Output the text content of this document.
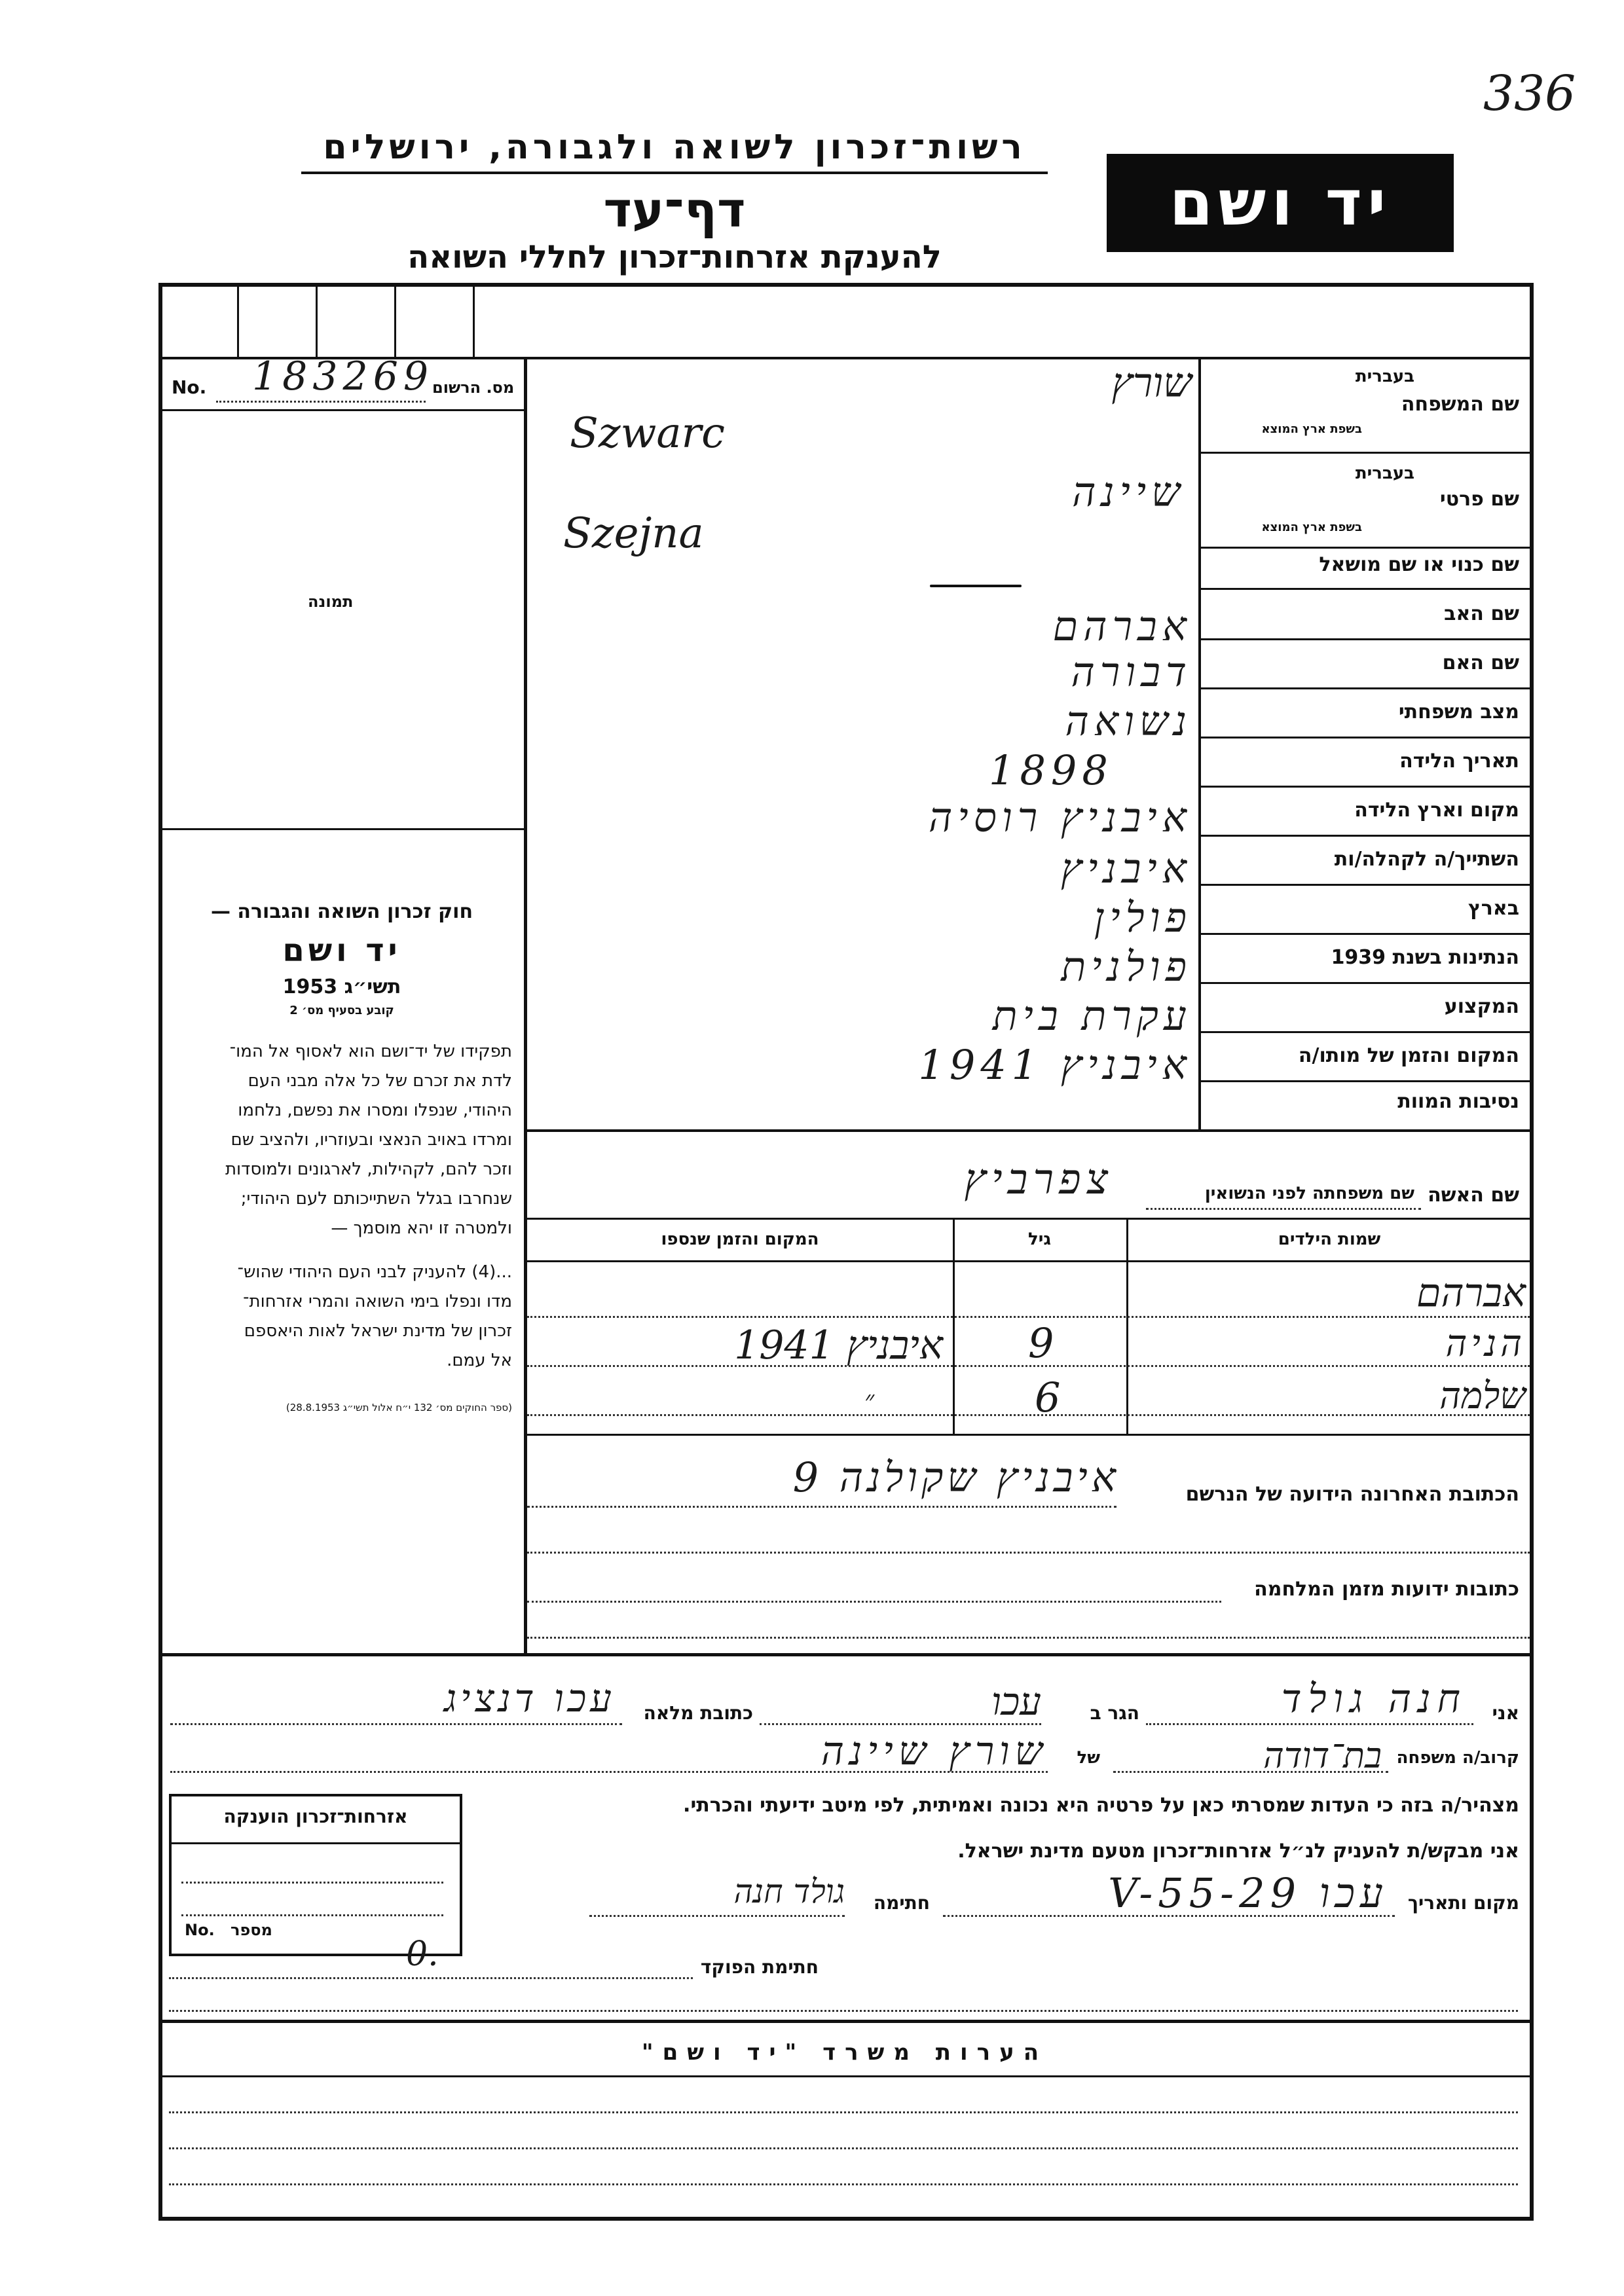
336
רשות־זכרון לשואה ולגבורה, ירושלים
דף־עד
להענקת אזרחות־זכרון לחללי השואה
יד ושם
No. 183269
מס. הרשום
תמונה
חוק זכרון השואה והגבורה —
יד ושם
תשי״ג 1953
קובע בסעיף מס׳ 2

תפקידו של יד־ושם הוא לאסוף אל המו־

לדת את זכרם של כל אלה מבני העם

היהודי, שנפלו ומסרו את נפשם, נלחמו

ומרדו באויב הנאצי ובעוזריו, ולהציב שם

וזכר להם, לקהילות, לארגונים ולמוסדות

שנחרבו בגלל השתייכותם לעם היהודי;

ולמטרה זו יהא מוסמך —

...(4) להעניק לבני העם היהודי שהוש־

מדו ונפלו בימי השואה והמרי אזרחות־

זכרון של מדינת ישראל לאות היאספם

אל עמם.

(ספר החוקים מס׳ 132 י״ח אלול תשי״ג 28.8.1953)
שם המשפחה
בעברית
בשפת ארץ המוצא
שם פרטי
בעברית
בשפת ארץ המוצא
שם כנוי או שם מושאל
שם האב
שם האם
מצב משפחתי
תאריך הלידה
מקום וארץ הלידה
השתייך/ה לקהלה/ות
בארץ
הנתינות בשנת 1939
המקצוע
המקום והזמן של מותו/ה
נסיבות המוות
שורץ
Szwarc
שיינה
Szejna
אברהם
דבורה
נשואה
1898
איבניץ רוסיה
איבניץ
פולין
פולנית
עקרת בית
איבניץ 1941
שם האשה
שם משפחתה לפני הנשואין
צפרביץ
שמות הילדים
גיל
המקום והזמן שנספו
אברהם
הניה
9
איבניץ 1941
שלמה
6
״
הכתובת האחרונה הידועה של הנרשם
איבניץ שקולנה 9
כתובות ידועות מזמן המלחמה
אני
חנה גולד
הגר ב
עכו
כתובת מלאה
עכו דנציג
קרוב/ה משפחה
בת־דודה
של
שורץ שיינה
מצהיר/ה בזה כי העדות שמסרתי כאן על פרטיה היא נכונה ואמיתית, לפי מיטב ידיעתי והכרתי.
אני מבקש/ת להעניק לנ״ל אזרחות־זכרון מטעם מדינת ישראל.
מקום ותאריך
עכו 29-V-55
חתימה
גולד חנה
אזרחות־זכרון הוענקה
No. מספר
0.‏‏‏	חתימת הפוקד
הערות משרד "יד ושם"
